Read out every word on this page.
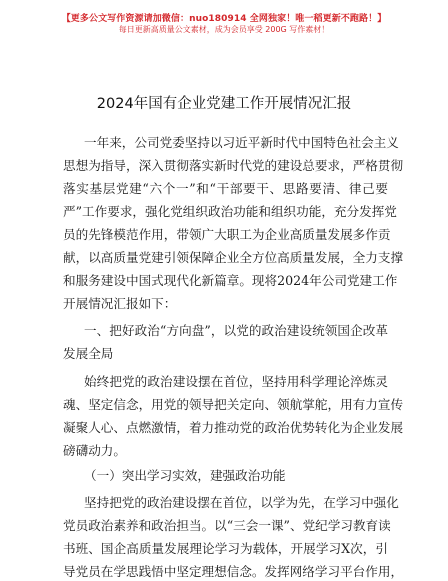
【更多公文写作资源请加微信：nuo180914 全网独家！唯一稻更新不跑路！】
每日更新高质量公文素材，成为会员享受 200G 写作素材！
2024年国有企业党建工作开展情况汇报
一年来，公司党委坚持以习近平新时代中国特色社会主义
思想为指导，深入贯彻落实新时代党的建设总要求，严格贯彻
落实基层党建“六个一”和“干部要干、思路要清、律己要
严”工作要求，强化党组织政治功能和组织功能，充分发挥党
员的先锋模范作用，带领广大职工为企业高质量发展多作贡
献，以高质量党建引领保障企业全方位高质量发展，全力支撑
和服务建设中国式现代化新篇章。现将2024年公司党建工作
开展情况汇报如下：
一、把好政治“方向盘”，以党的政治建设统领国企改革
发展全局
始终把党的政治建设摆在首位，坚持用科学理论淬炼灵
魂、坚定信念，用党的领导把关定向、领航掌舵，用有力宣传
凝聚人心、点燃激情，着力推动党的政治优势转化为企业发展
磅礴动力。
（一）突出学习实效，建强政治功能
坚持把党的政治建设摆在首位，以学为先，在学习中强化
党员政治素养和政治担当。以“三会一课”、党纪学习教育读
书班、国企高质量发展理论学习为载体，开展学习X次，引
导党员在学思践悟中坚定理想信念。发挥网络学习平台作用，
